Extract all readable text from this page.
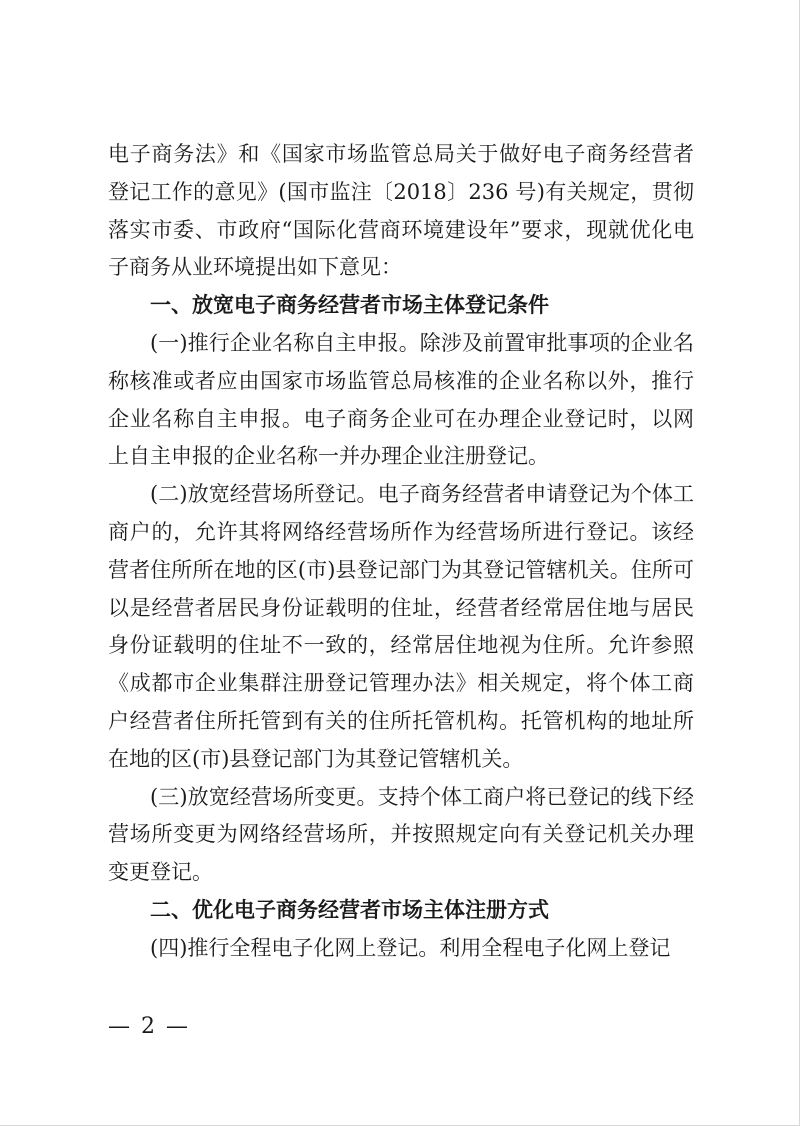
电子商务法》和《国家市场监管总局关于做好电子商务经营者登记工作的意见》(国市监注〔2018〕236 号)有关规定，贯彻落实市委、市政府“国际化营商环境建设年”要求，现就优化电子商务从业环境提出如下意见：

一、放宽电子商务经营者市场主体登记条件

(一)推行企业名称自主申报。除涉及前置审批事项的企业名称核准或者应由国家市场监管总局核准的企业名称以外，推行企业名称自主申报。电子商务企业可在办理企业登记时，以网上自主申报的企业名称一并办理企业注册登记。

(二)放宽经营场所登记。电子商务经营者申请登记为个体工商户的，允许其将网络经营场所作为经营场所进行登记。该经营者住所所在地的区(市)县登记部门为其登记管辖机关。住所可以是经营者居民身份证载明的住址，经营者经常居住地与居民身份证载明的住址不一致的，经常居住地视为住所。允许参照《成都市企业集群注册登记管理办法》相关规定，将个体工商户经营者住所托管到有关的住所托管机构。托管机构的地址所在地的区(市)县登记部门为其登记管辖机关。

(三)放宽经营场所变更。支持个体工商户将已登记的线下经营场所变更为网络经营场所，并按照规定向有关登记机关办理变更登记。

二、优化电子商务经营者市场主体注册方式

(四)推行全程电子化网上登记。利用全程电子化网上登记

— 2 —
